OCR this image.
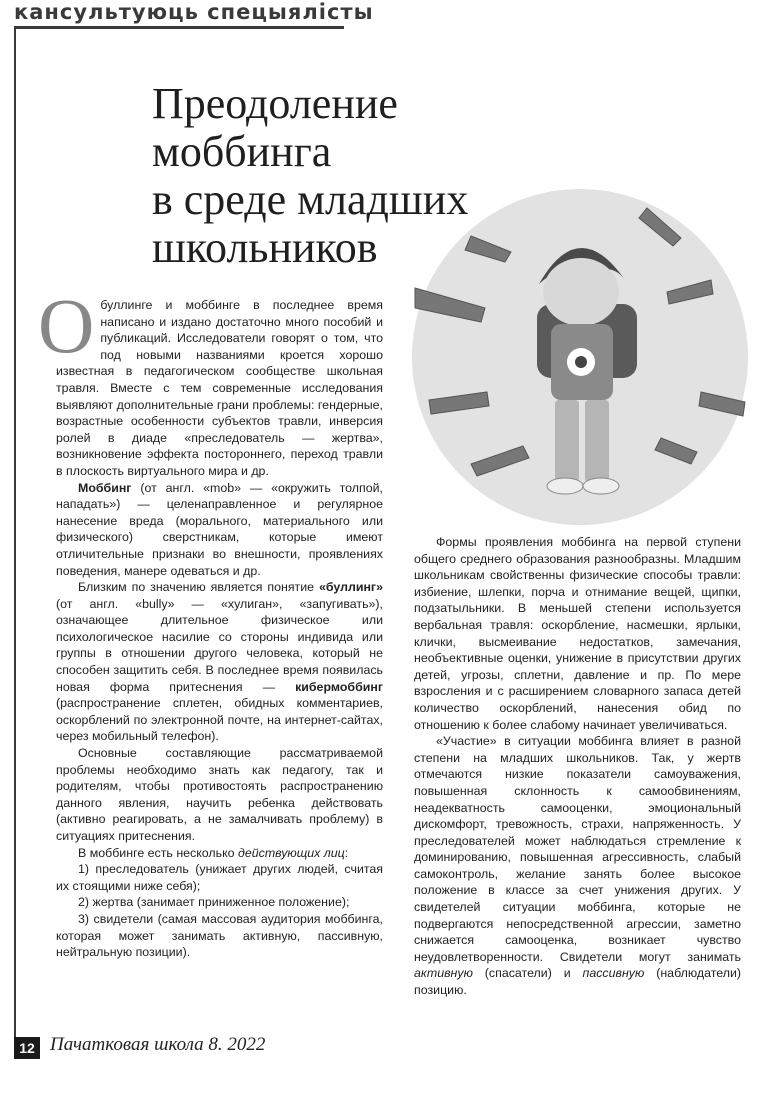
кансультуюць спецыялісты
Преодоление моббинга
в среде младших
школьников

О буллинге и моббинге в последнее время написано и издано достаточно много пособий и публикаций. Исследователи говорят о том, что под новыми названиями кроется хорошо известная в педагогическом сообществе школьная травля. Вместе с тем современные исследования выявляют дополнительные грани проблемы: гендерные, возрастные особенности субъектов травли, инверсия ролей в диаде «преследователь — жертва», возникновение эффекта постороннего, переход травли в плоскость виртуального мира и др.

Моббинг (от англ. «mob» — «окружить толпой, нападать») — целенаправленное и регулярное нанесение вреда (морального, материального или физического) сверстникам, которые имеют отличительные признаки во внешности, проявлениях поведения, манере одеваться и др.

Близким по значению является понятие «буллинг» (от англ. «bully» — «хулиган», «запугивать»), означающее длительное физическое или психологическое насилие со стороны индивида или группы в отношении другого человека, который не способен защитить себя. В последнее время появилась новая форма притеснения — кибермоббинг (распространение сплетен, обидных комментариев, оскорблений по электронной почте, на интернет-сайтах, через мобильный телефон).

Основные составляющие рассматриваемой проблемы необходимо знать как педагогу, так и родителям, чтобы противостоять распространению данного явления, научить ребенка действовать (активно реагировать, а не замалчивать проблему) в ситуациях притеснения.

В моббинге есть несколько действующих лиц:

1) преследователь (унижает других людей, считая их стоящими ниже себя);

2) жертва (занимает приниженное положение);

3) свидетели (самая массовая аудитория моббинга, которая может занимать активную, пассивную, нейтральную позиции).

Формы проявления моббинга на первой ступени общего среднего образования разнообразны. Младшим школьникам свойственны физические способы травли: избиение, шлепки, порча и отнимание вещей, щипки, подзатыльники. В меньшей степени используется вербальная травля: оскорбление, насмешки, ярлыки, клички, высмеивание недостатков, замечания, необъективные оценки, унижение в присутствии других детей, угрозы, сплетни, давление и пр. По мере взросления и с расширением словарного запаса детей количество оскорблений, нанесения обид по отношению к более слабому начинает увеличиваться.

«Участие» в ситуации моббинга влияет в разной степени на младших школьников. Так, у жертв отмечаются низкие показатели самоуважения, повышенная склонность к самообвинениям, неадекватность самооценки, эмоциональный дискомфорт, тревожность, страхи, напряженность. У преследователей может наблюдаться стремление к доминированию, повышенная агрессивность, слабый самоконтроль, желание занять более высокое положение в классе за счет унижения других. У свидетелей ситуации моббинга, которые не подвергаются непосредственной агрессии, заметно снижается самооценка, возникает чувство неудовлетворенности. Свидетели могут занимать активную (спасатели) и пассивную (наблюдатели) позицию.

12 Пачатковая школа 8. 2022
